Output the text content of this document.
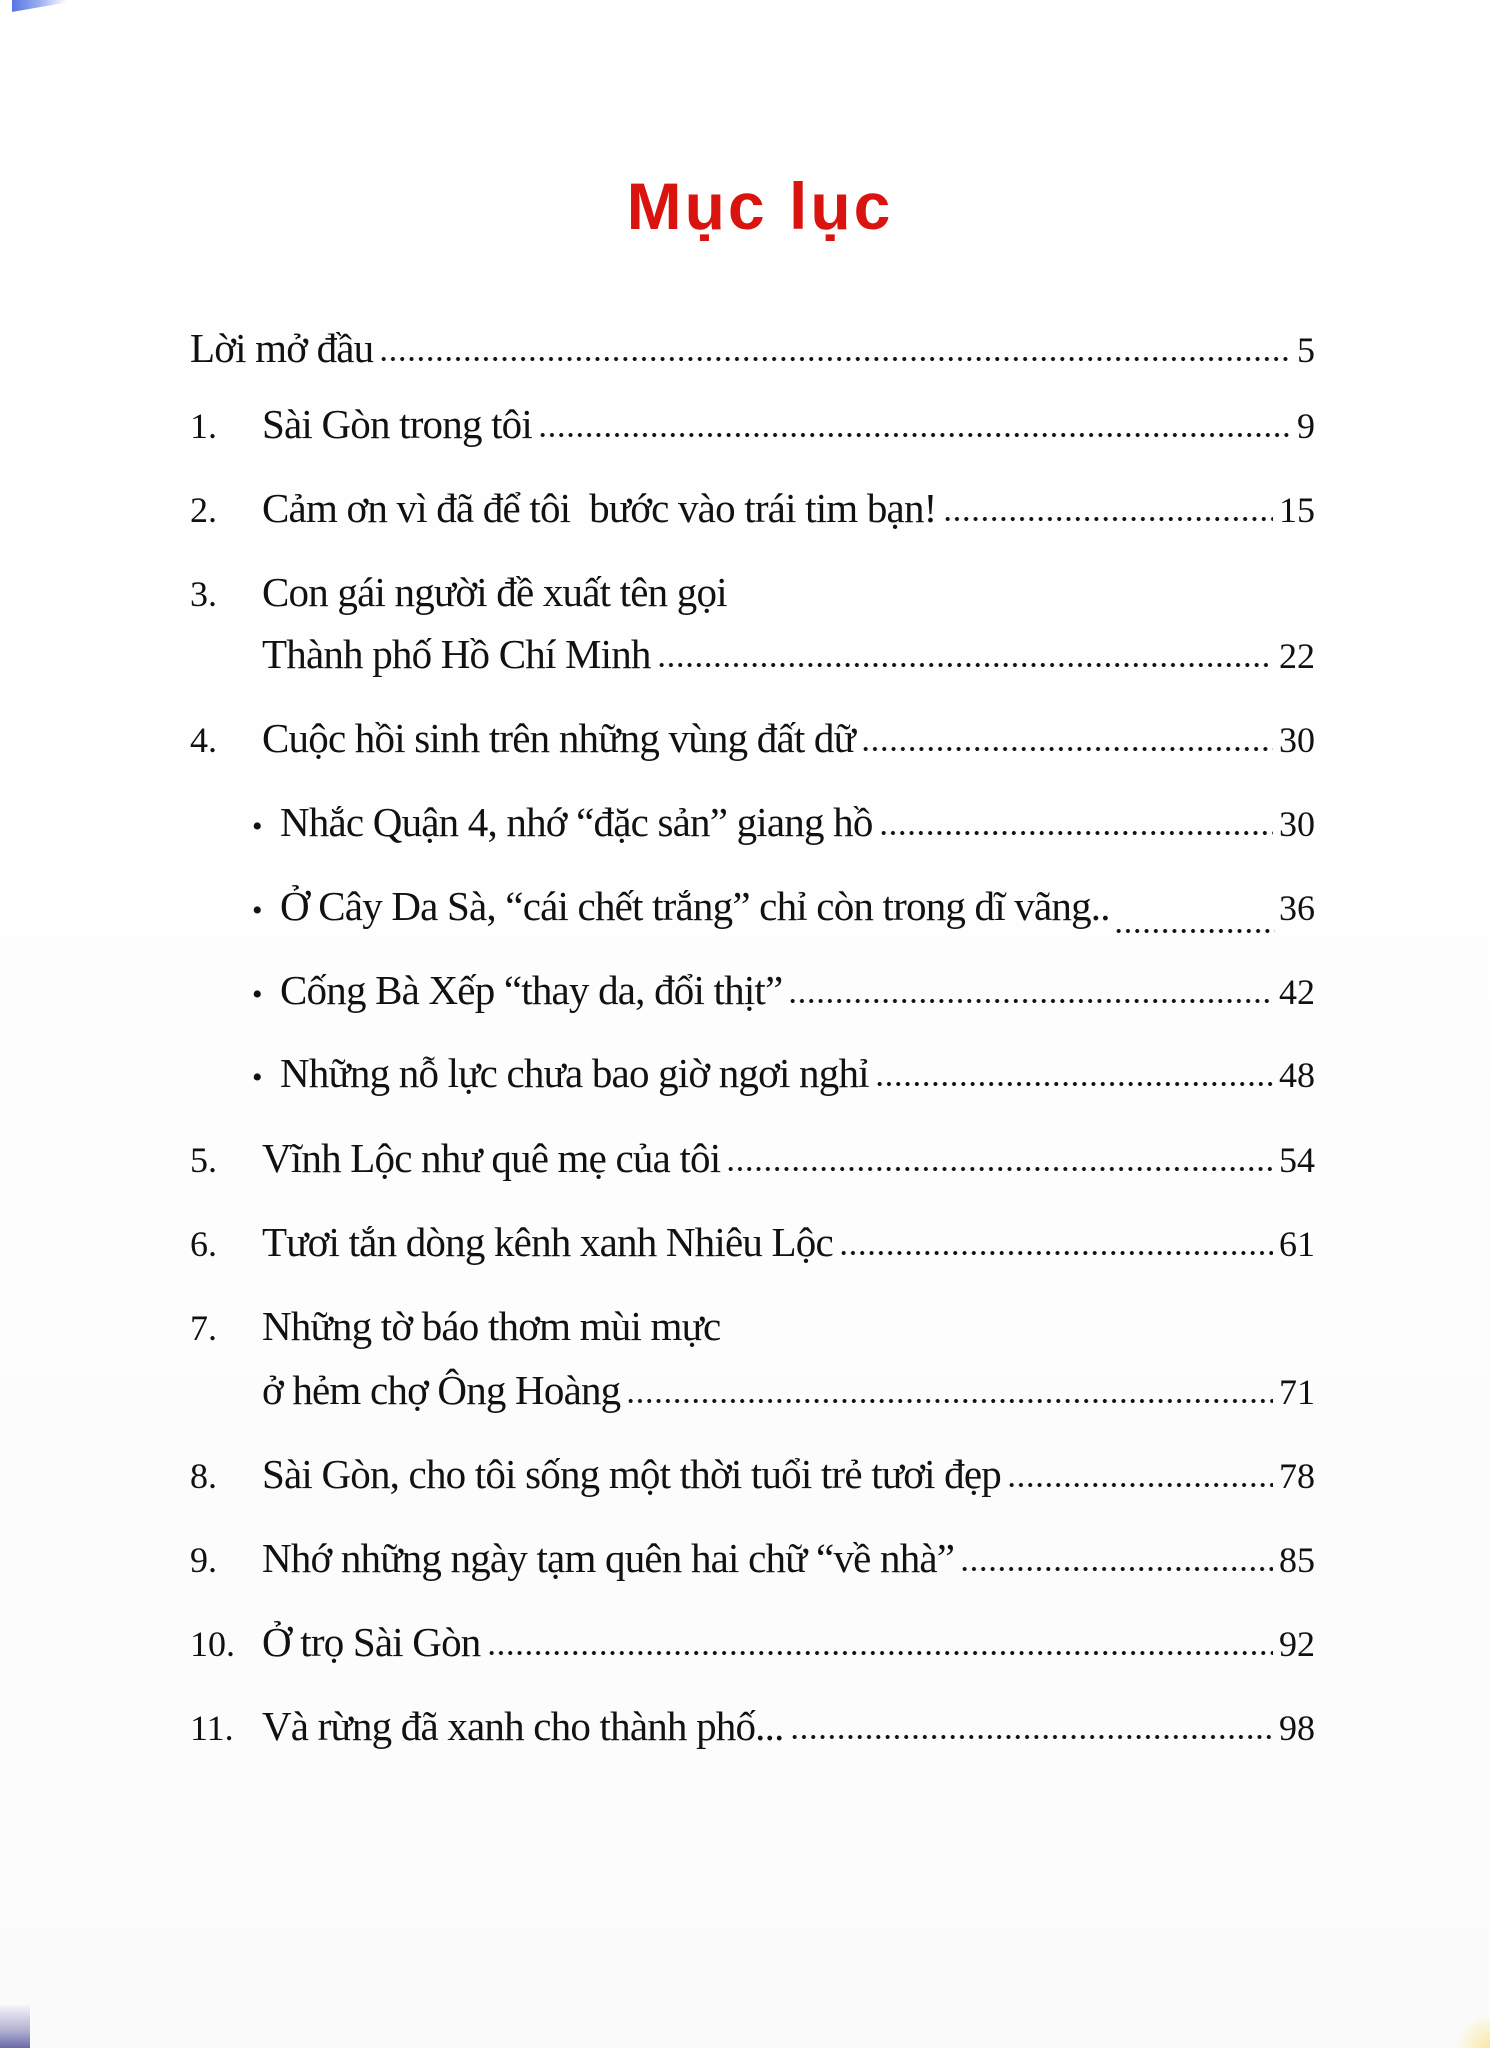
Mục lục
Lời mở đầu	5
1.	Sài Gòn trong tôi	9
2.	Cảm ơn vì đã để tôi  bước vào trái tim bạn!	15
3.	Con gái người đề xuất tên gọi
Thành phố Hồ Chí Minh	22
4.	Cuộc hồi sinh trên những vùng đất dữ	30
• Nhắc Quận 4, nhớ “đặc sản” giang hồ	30
• Ở Cây Da Sà, “cái chết trắng” chỉ còn trong dĩ vãng..	36
• Cống Bà Xếp “thay da, đổi thịt”	42
• Những nỗ lực chưa bao giờ ngơi nghỉ	48
5.	Vĩnh Lộc như quê mẹ của tôi	54
6.	Tươi tắn dòng kênh xanh Nhiêu Lộc	61
7.	Những tờ báo thơm mùi mực
ở hẻm chợ Ông Hoàng	71
8.	Sài Gòn, cho tôi sống một thời tuổi trẻ tươi đẹp	78
9.	Nhớ những ngày tạm quên hai chữ “về nhà”	85
10. Ở trọ Sài Gòn	92
11. Và rừng đã xanh cho thành phố...	98
